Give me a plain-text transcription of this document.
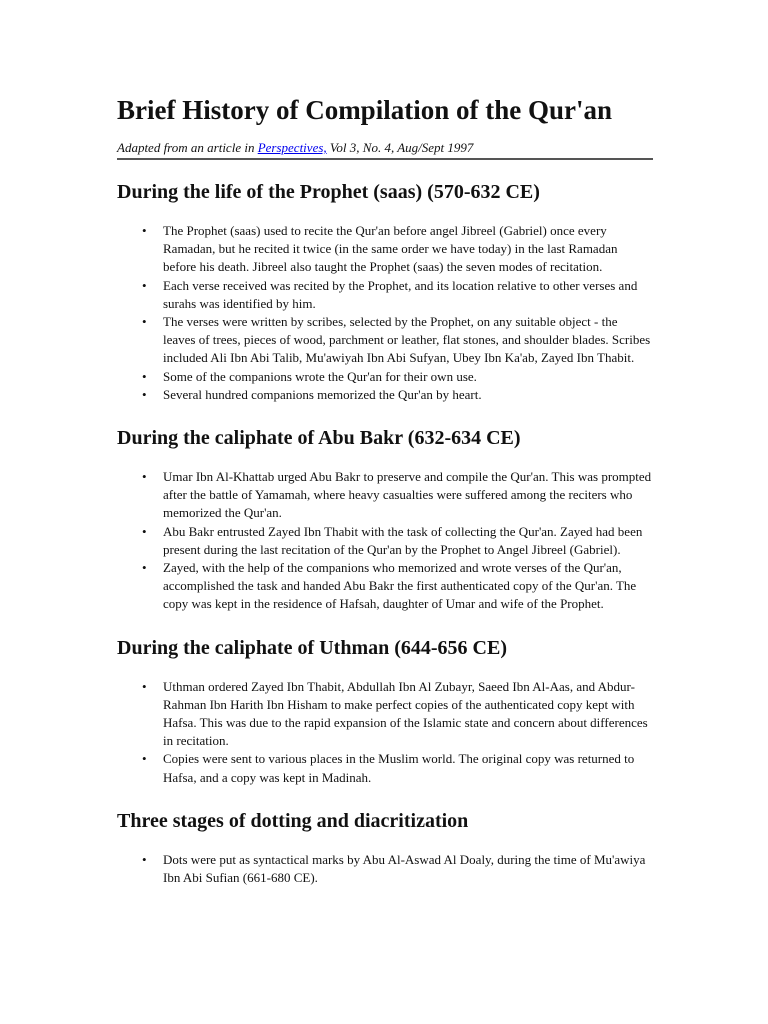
Brief History of Compilation of the Qur'an

Adapted from an article in Perspectives, Vol 3, No. 4, Aug/Sept 1997

During the life of the Prophet (saas) (570-632 CE)
• The Prophet (saas) used to recite the Qur'an before angel Jibreel (Gabriel) once every Ramadan, but he recited it twice (in the same order we have today) in the last Ramadan before his death. Jibreel also taught the Prophet (saas) the seven modes of recitation.
• Each verse received was recited by the Prophet, and its location relative to other verses and surahs was identified by him.
• The verses were written by scribes, selected by the Prophet, on any suitable object - the leaves of trees, pieces of wood, parchment or leather, flat stones, and shoulder blades. Scribes included Ali Ibn Abi Talib, Mu'awiyah Ibn Abi Sufyan, Ubey Ibn Ka'ab, Zayed Ibn Thabit.
• Some of the companions wrote the Qur'an for their own use.
• Several hundred companions memorized the Qur'an by heart.
During the caliphate of Abu Bakr (632-634 CE)
• Umar Ibn Al-Khattab urged Abu Bakr to preserve and compile the Qur'an. This was prompted after the battle of Yamamah, where heavy casualties were suffered among the reciters who memorized the Qur'an.
• Abu Bakr entrusted Zayed Ibn Thabit with the task of collecting the Qur'an. Zayed had been present during the last recitation of the Qur'an by the Prophet to Angel Jibreel (Gabriel).
• Zayed, with the help of the companions who memorized and wrote verses of the Qur'an, accomplished the task and handed Abu Bakr the first authenticated copy of the Qur'an. The copy was kept in the residence of Hafsah, daughter of Umar and wife of the Prophet.
During the caliphate of Uthman (644-656 CE)
• Uthman ordered Zayed Ibn Thabit, Abdullah Ibn Al Zubayr, Saeed Ibn Al-Aas, and Abdur-Rahman Ibn Harith Ibn Hisham to make perfect copies of the authenticated copy kept with Hafsa. This was due to the rapid expansion of the Islamic state and concern about differences in recitation.
• Copies were sent to various places in the Muslim world. The original copy was returned to Hafsa, and a copy was kept in Madinah.
Three stages of dotting and diacritization
• Dots were put as syntactical marks by Abu Al-Aswad Al Doaly, during the time of Mu'awiya Ibn Abi Sufian (661-680 CE).
